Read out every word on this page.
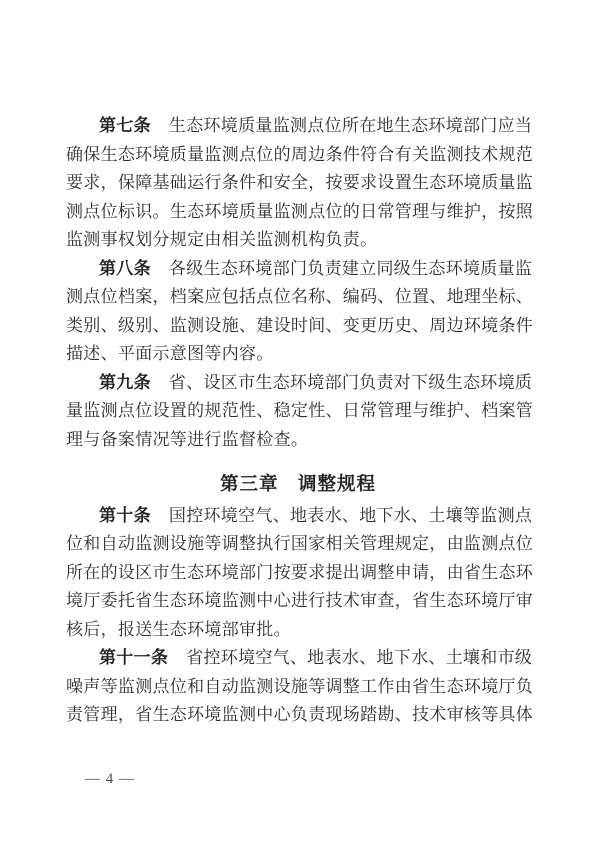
第七条 生态环境质量监测点位所在地生态环境部门应当
确保生态环境质量监测点位的周边条件符合有关监测技术规范
要求，保障基础运行条件和安全，按要求设置生态环境质量监
测点位标识。生态环境质量监测点位的日常管理与维护，按照
监测事权划分规定由相关监测机构负责。
第八条 各级生态环境部门负责建立同级生态环境质量监
测点位档案，档案应包括点位名称、编码、位置、地理坐标、
类别、级别、监测设施、建设时间、变更历史、周边环境条件
描述、平面示意图等内容。
第九条 省、设区市生态环境部门负责对下级生态环境质
量监测点位设置的规范性、稳定性、日常管理与维护、档案管
理与备案情况等进行监督检查。
第三章　调整规程
第十条 国控环境空气、地表水、地下水、土壤等监测点
位和自动监测设施等调整执行国家相关管理规定，由监测点位
所在的设区市生态环境部门按要求提出调整申请，由省生态环
境厅委托省生态环境监测中心进行技术审查，省生态环境厅审
核后，报送生态环境部审批。
第十一条 省控环境空气、地表水、地下水、土壤和市级
噪声等监测点位和自动监测设施等调整工作由省生态环境厅负
责管理，省生态环境监测中心负责现场踏勘、技术审核等具体
— 4 —
